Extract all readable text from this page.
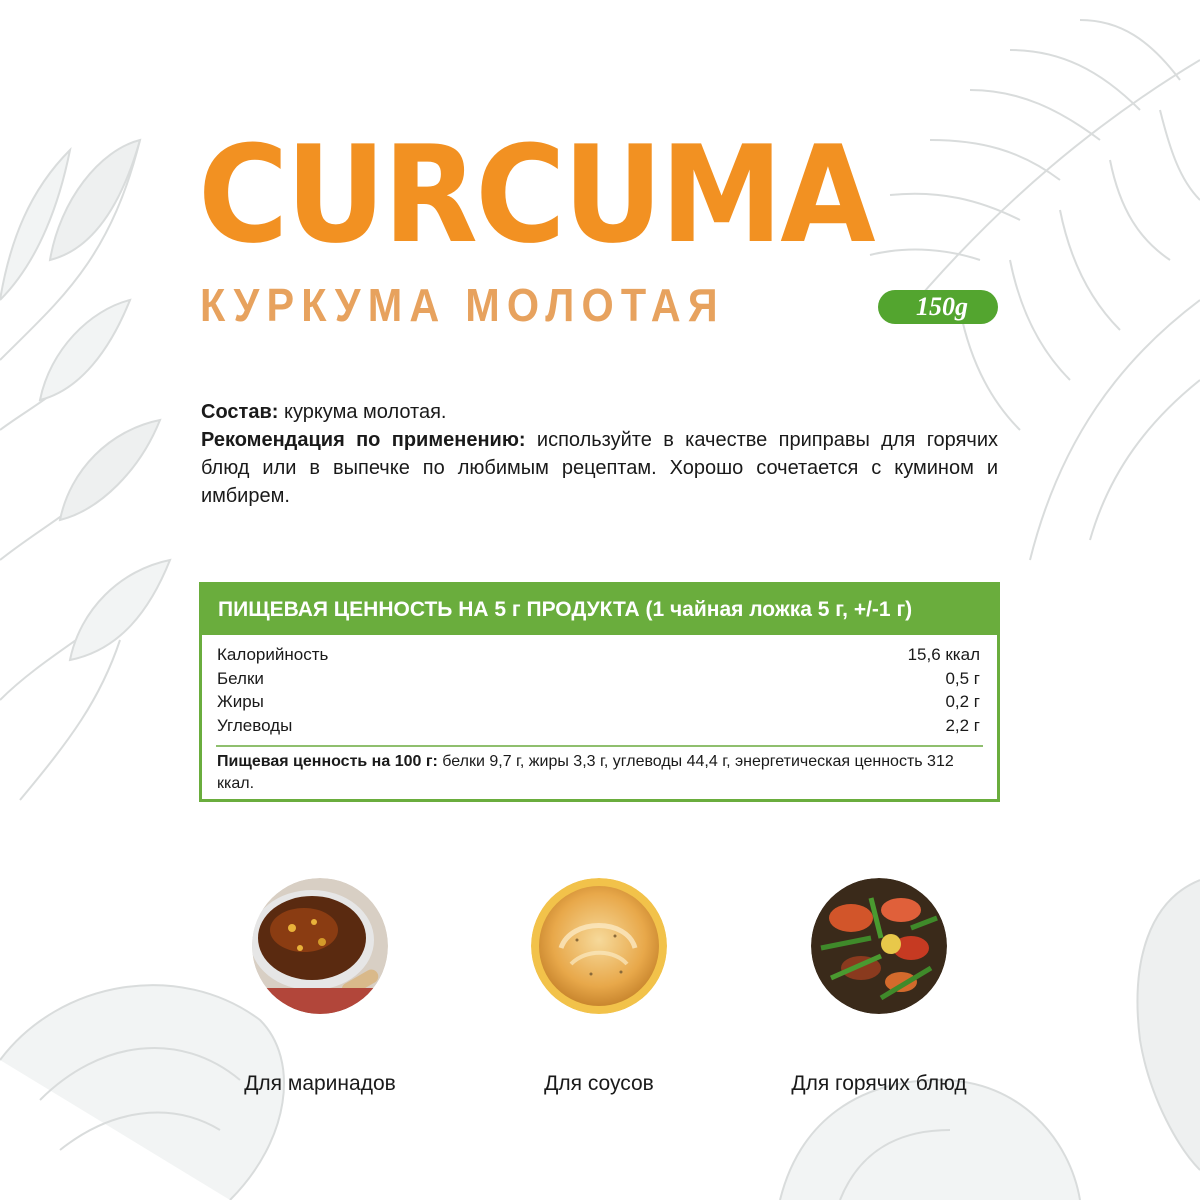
CURCUMA
КУРКУМА МОЛОТАЯ	150g

Состав: куркума молотая.

Рекомендация по применению: используйте в качестве приправы для горячих блюд или в выпечке по любимым рецептам. Хорошо сочетается с кумином и имбирем.

ПИЩЕВАЯ ЦЕННОСТЬ НА 5 г ПРОДУКТА (1 чайная ложка 5 г, +/-1 г)
Калорийность	15,6 ккал
Белки	0,5 г
Жиры	0,2 г
Углеводы	2,2 г
Пищевая ценность на 100 г: белки 9,7 г, жиры 3,3 г, углеводы 44,4 г, энергетическая ценность 312 ккал.
Для маринадов	Для соусов	Для горячих блюд
